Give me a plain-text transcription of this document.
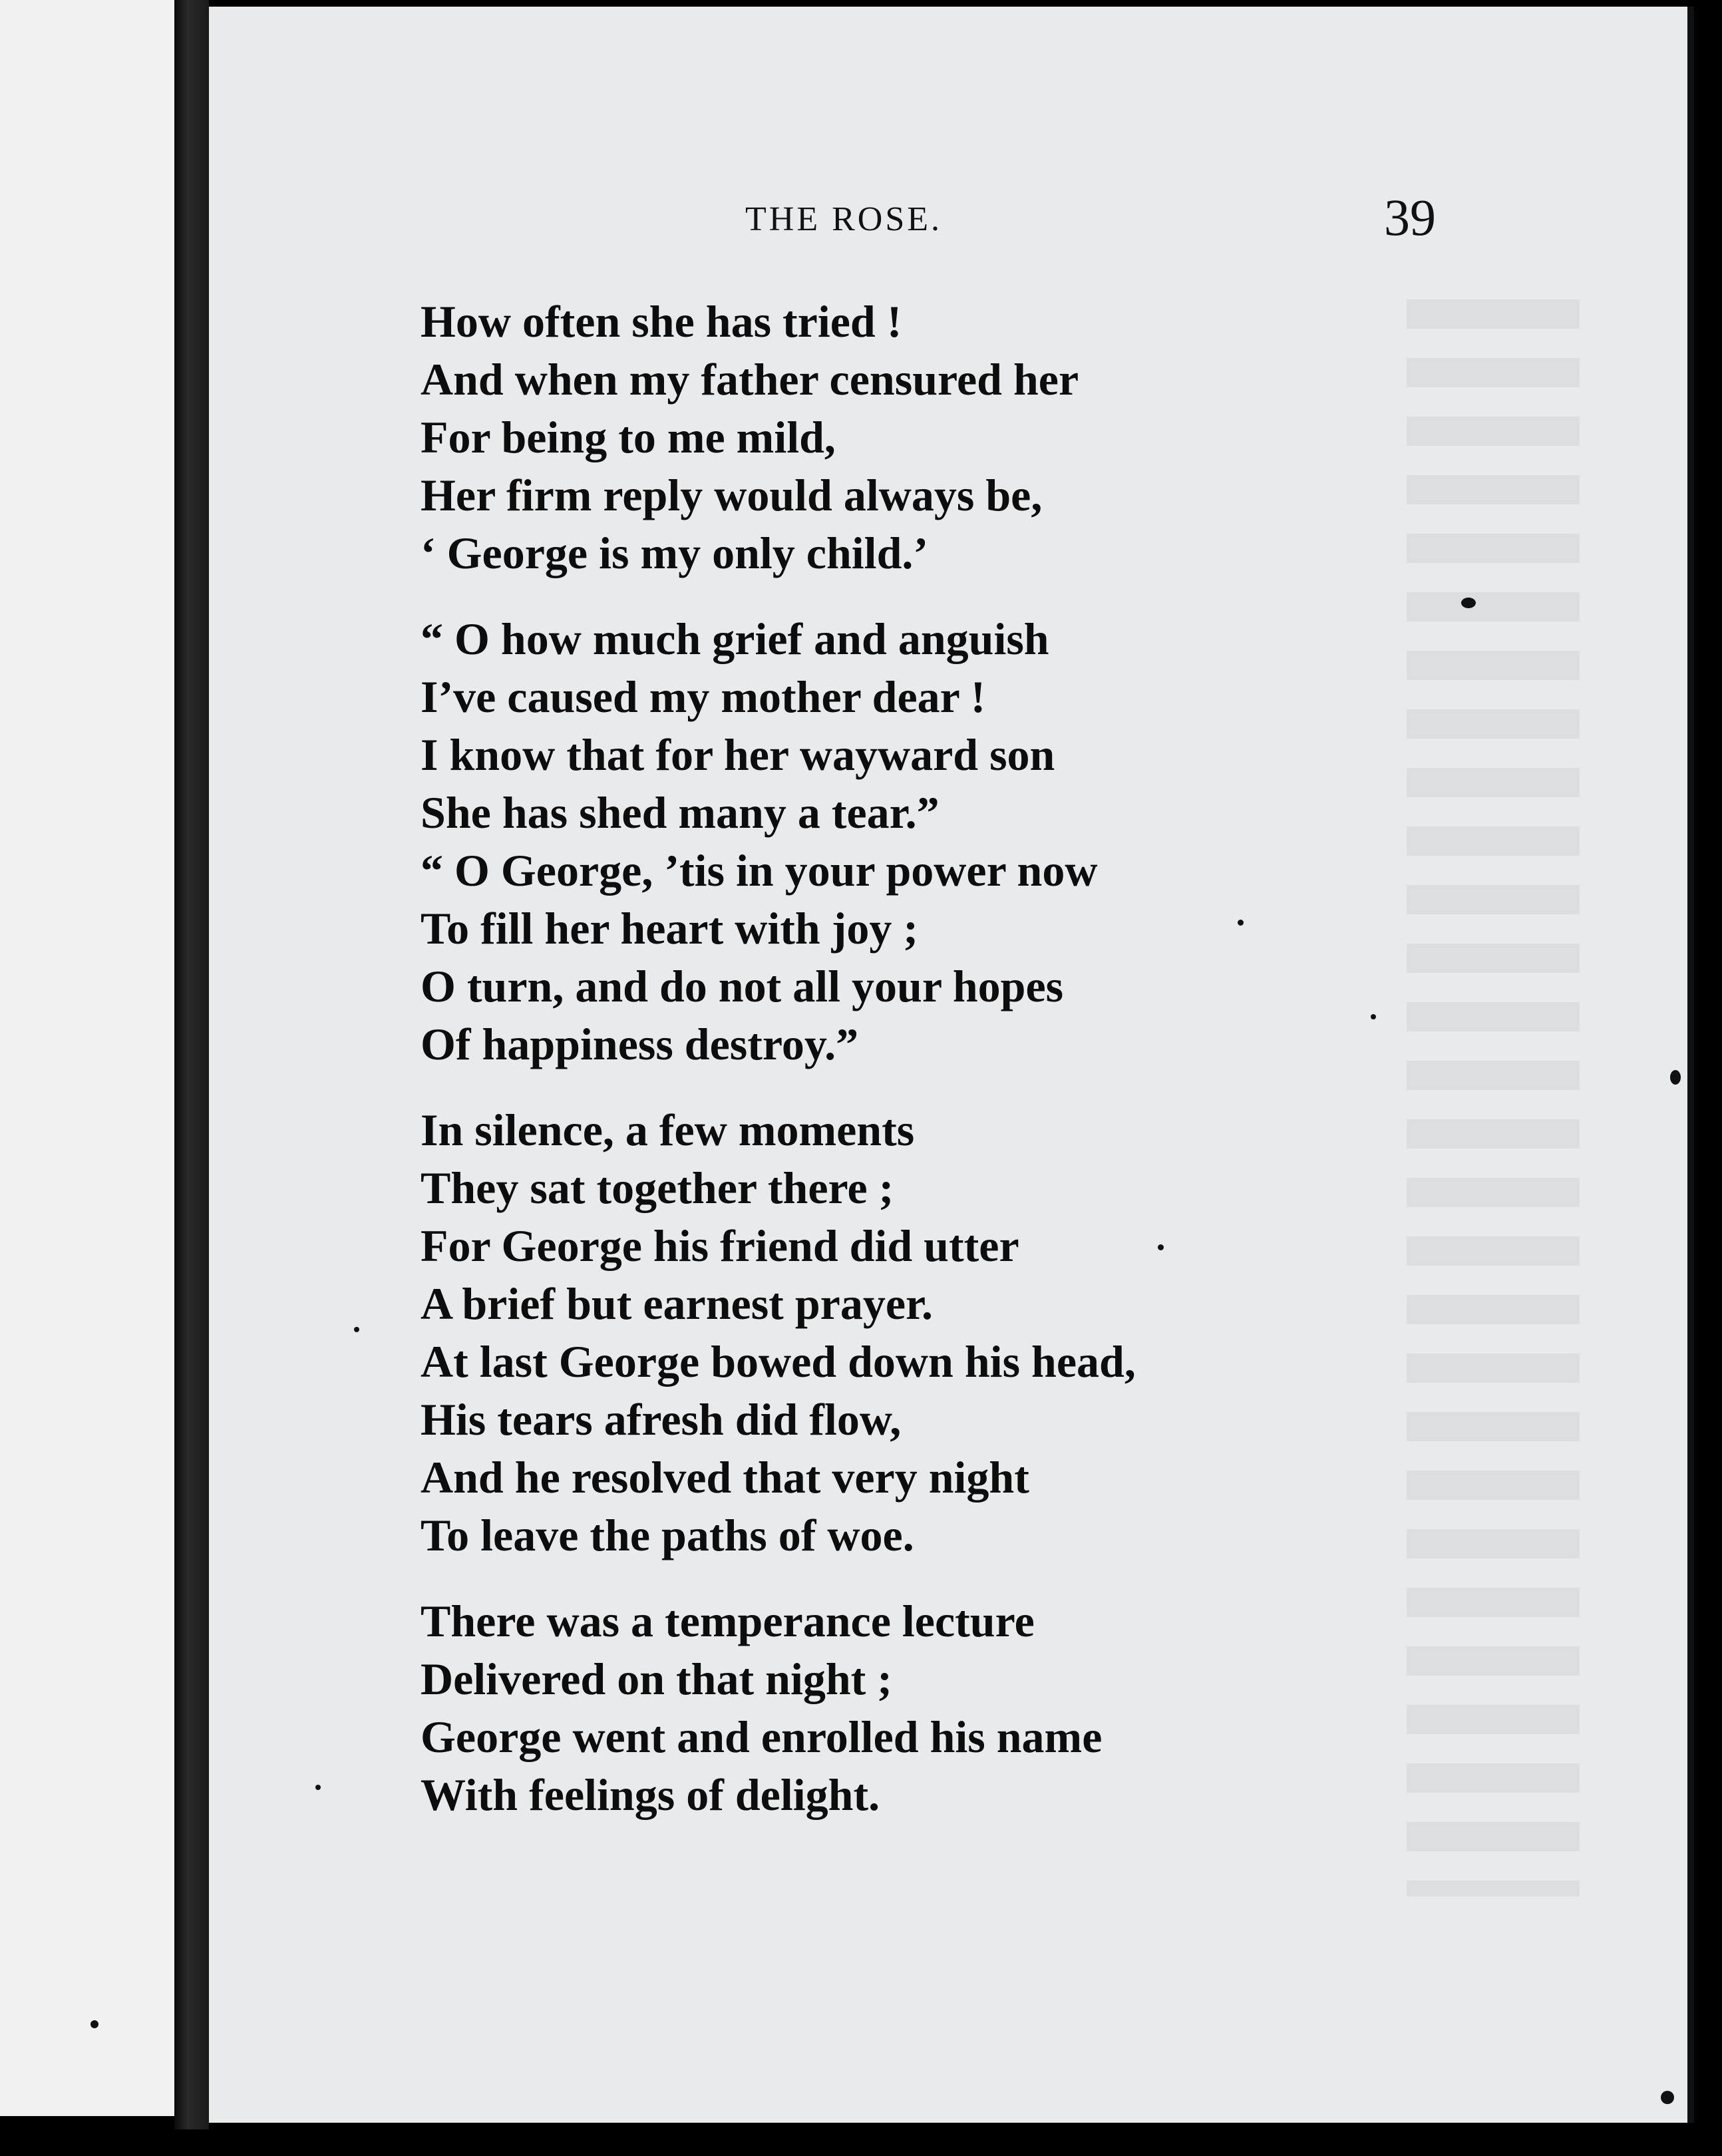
THE ROSE.	39
How often she has tried !
And when my father censured her
For being to me mild,
Her firm reply would always be,
‘ George is my only child.’
“ O how much grief and anguish
I’ve caused my mother dear !
I know that for her wayward son
She has shed many a tear.”
“ O George, ’tis in your power now
To fill her heart with joy ;
O turn, and do not all your hopes
Of happiness destroy.”
In silence, a few moments
They sat together there ;
For George his friend did utter
A brief but earnest prayer.
At last George bowed down his head,
His tears afresh did flow,
And he resolved that very night
To leave the paths of woe.
There was a temperance lecture
Delivered on that night ;
George went and enrolled his name
With feelings of delight.
